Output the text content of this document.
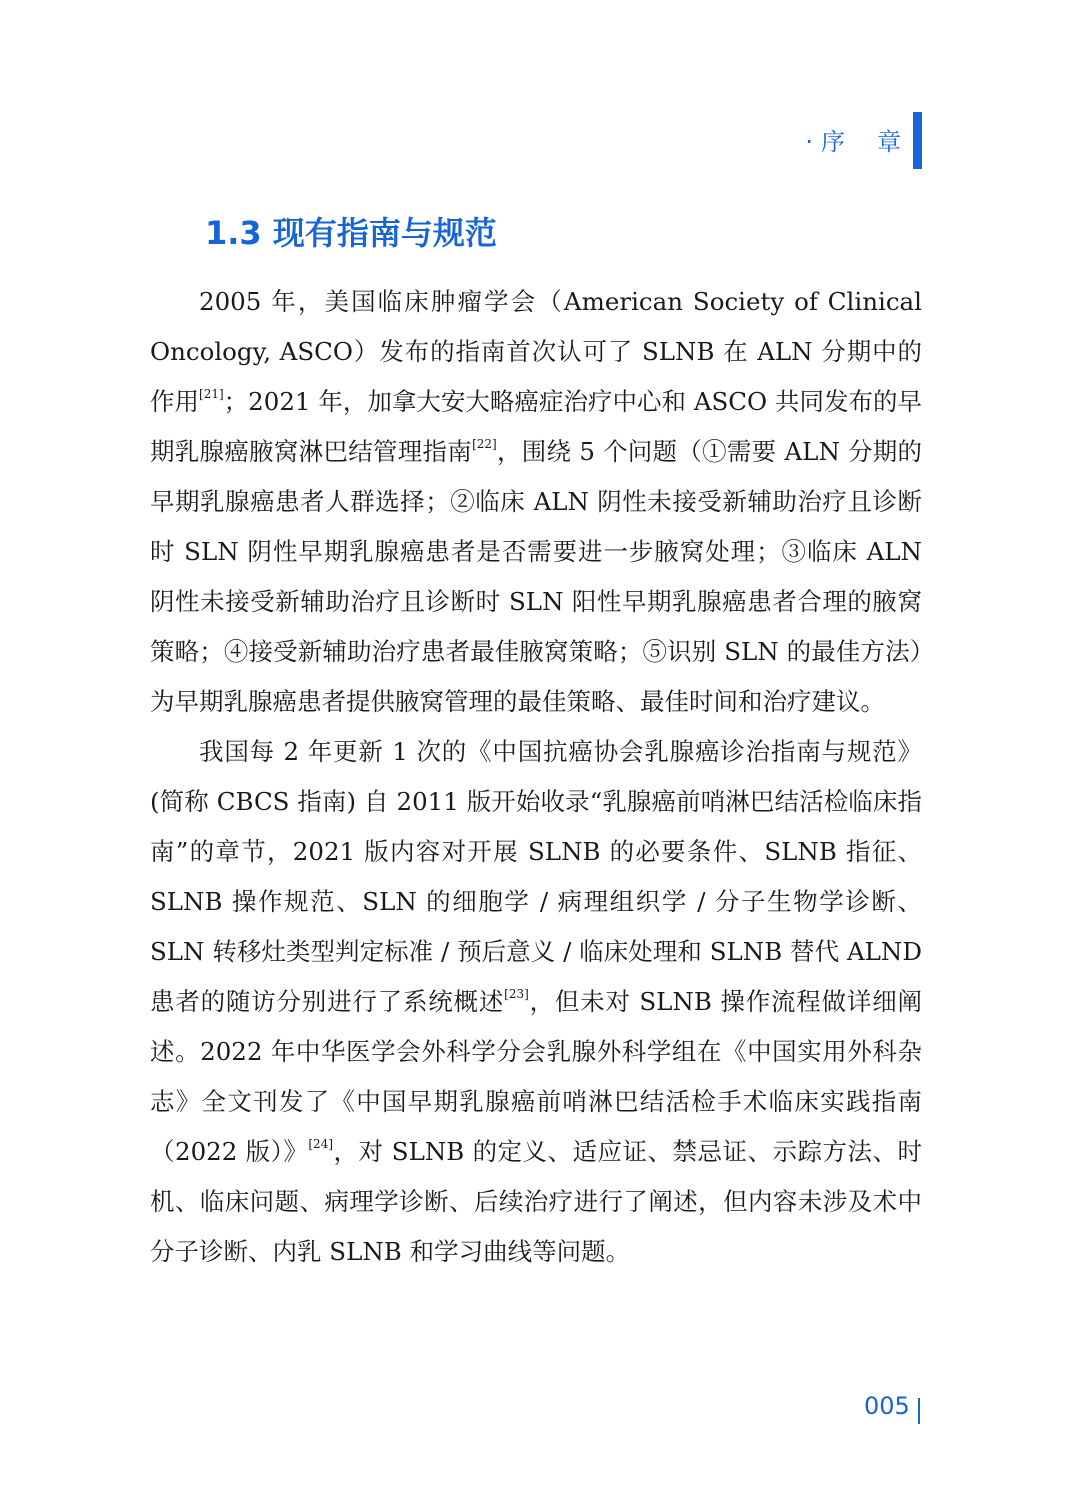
· 序 章
1.3 现有指南与规范

2005 年，美国临床肿瘤学会（American Society of Clinical Oncology, ASCO）发布的指南首次认可了 SLNB 在 ALN 分期中的作用[21]；2021 年，加拿大安大略癌症治疗中心和 ASCO 共同发布的早期乳腺癌腋窝淋巴结管理指南[22]，围绕 5 个问题（①需要 ALN 分期的早期乳腺癌患者人群选择；②临床 ALN 阴性未接受新辅助治疗且诊断时 SLN 阴性早期乳腺癌患者是否需要进一步腋窝处理；③临床 ALN 阴性未接受新辅助治疗且诊断时 SLN 阳性早期乳腺癌患者合理的腋窝策略；④接受新辅助治疗患者最佳腋窝策略；⑤识别 SLN 的最佳方法）为早期乳腺癌患者提供腋窝管理的最佳策略、最佳时间和治疗建议。

我国每 2 年更新 1 次的《中国抗癌协会乳腺癌诊治指南与规范》(简称 CBCS 指南) 自 2011 版开始收录“乳腺癌前哨淋巴结活检临床指南”的章节，2021 版内容对开展 SLNB 的必要条件、SLNB 指征、SLNB 操作规范、SLN 的细胞学 / 病理组织学 / 分子生物学诊断、SLN 转移灶类型判定标准 / 预后意义 / 临床处理和 SLNB 替代 ALND 患者的随访分别进行了系统概述[23]，但未对 SLNB 操作流程做详细阐述。2022 年中华医学会外科学分会乳腺外科学组在《中国实用外科杂志》全文刊发了《中国早期乳腺癌前哨淋巴结活检手术临床实践指南（2022 版）》[24]，对 SLNB 的定义、适应证、禁忌证、示踪方法、时机、临床问题、病理学诊断、后续治疗进行了阐述，但内容未涉及术中分子诊断、内乳 SLNB 和学习曲线等问题。

005
